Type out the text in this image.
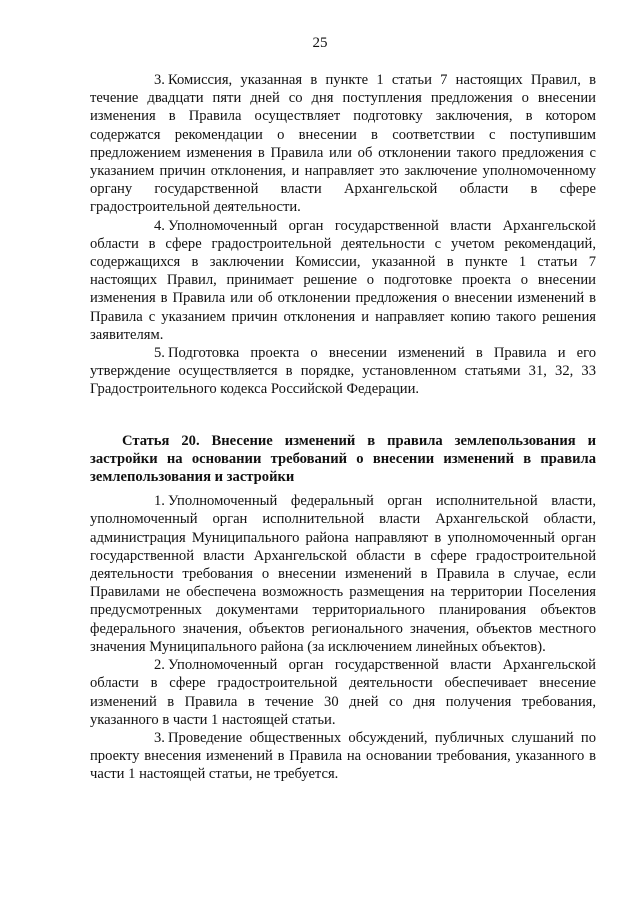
25

3. Комиссия, указанная в пункте 1 статьи 7 настоящих Правил, в течение двадцати пяти дней со дня поступления предложения о внесении изменения в Правила осуществляет подготовку заключения, в котором содержатся рекомендации о внесении в соответствии с поступившим предложением изменения в Правила или об отклонении такого предложения с указанием причин отклонения, и направляет это заключение уполномоченному органу государственной власти Архангельской области в сфере градостроительной деятельности.

4. Уполномоченный орган государственной власти Архангельской области в сфере градостроительной деятельности с учетом рекомендаций, содержащихся в заключении Комиссии, указанной в пункте 1 статьи 7 настоящих Правил, принимает решение о подготовке проекта о внесении изменения в Правила или об отклонении предложения о внесении изменений в Правила с указанием причин отклонения и направляет копию такого решения заявителям.

5. Подготовка проекта о внесении изменений в Правила и его утверждение осуществляется в порядке, установленном статьями 31, 32, 33 Градостроительного кодекса Российской Федерации.

Статья 20. Внесение изменений в правила землепользования и застройки на основании требований о внесении изменений в правила землепользования и застройки

1. Уполномоченный федеральный орган исполнительной власти, уполномоченный орган исполнительной власти Архангельской области, администрация Муниципального района направляют в уполномоченный орган государственной власти Архангельской области в сфере градостроительной деятельности требования о внесении изменений в Правила в случае, если Правилами не обеспечена возможность размещения на территории Поселения предусмотренных документами территориального планирования объектов федерального значения, объектов регионального значения, объектов местного значения Муниципального района (за исключением линейных объектов).

2. Уполномоченный орган государственной власти Архангельской области в сфере градостроительной деятельности обеспечивает внесение изменений в Правила в течение 30 дней со дня получения требования, указанного в части 1 настоящей статьи.

3. Проведение общественных обсуждений, публичных слушаний по проекту внесения изменений в Правила на основании требования, указанного в части 1 настоящей статьи, не требуется.
